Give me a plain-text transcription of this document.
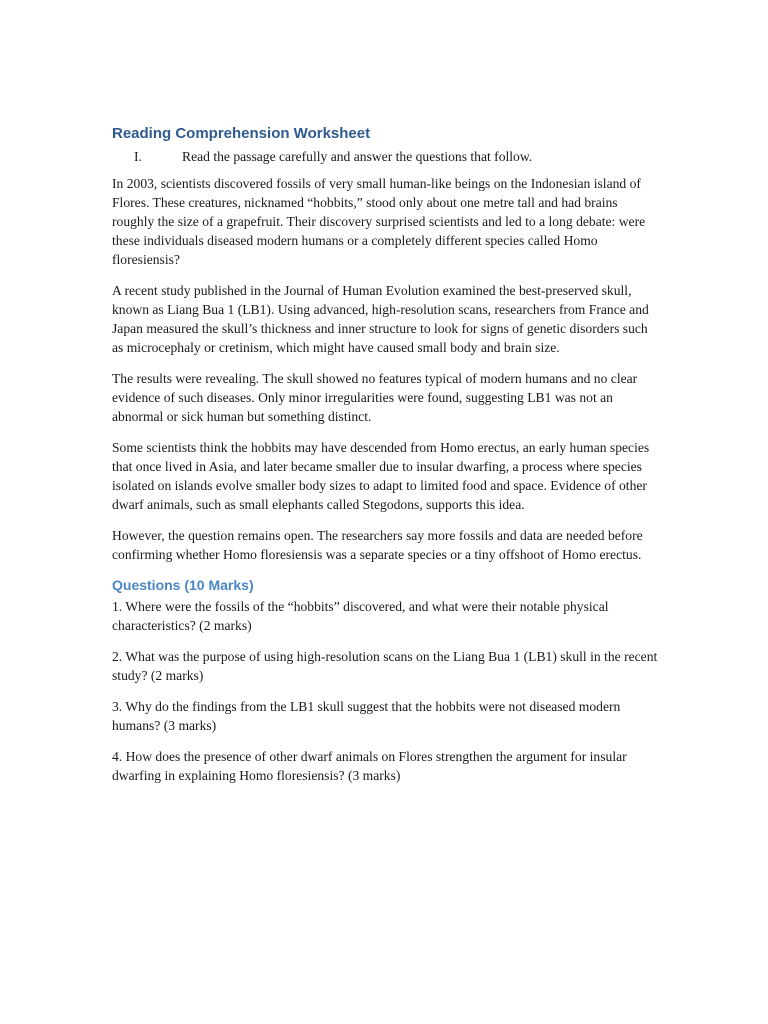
Reading Comprehension Worksheet
I.	Read the passage carefully and answer the questions that follow.

In 2003, scientists discovered fossils of very small human-like beings on the Indonesian island of Flores. These creatures, nicknamed “hobbits,” stood only about one metre tall and had brains roughly the size of a grapefruit. Their discovery surprised scientists and led to a long debate: were these individuals diseased modern humans or a completely different species called Homo floresiensis?

A recent study published in the Journal of Human Evolution examined the best-preserved skull, known as Liang Bua 1 (LB1). Using advanced, high-resolution scans, researchers from France and Japan measured the skull’s thickness and inner structure to look for signs of genetic disorders such as microcephaly or cretinism, which might have caused small body and brain size.

The results were revealing. The skull showed no features typical of modern humans and no clear evidence of such diseases. Only minor irregularities were found, suggesting LB1 was not an abnormal or sick human but something distinct.

Some scientists think the hobbits may have descended from Homo erectus, an early human species that once lived in Asia, and later became smaller due to insular dwarfing, a process where species isolated on islands evolve smaller body sizes to adapt to limited food and space. Evidence of other dwarf animals, such as small elephants called Stegodons, supports this idea.

However, the question remains open. The researchers say more fossils and data are needed before confirming whether Homo floresiensis was a separate species or a tiny offshoot of Homo erectus.

Questions (10 Marks)

1. Where were the fossils of the “hobbits” discovered, and what were their notable physical characteristics? (2 marks)

2. What was the purpose of using high-resolution scans on the Liang Bua 1 (LB1) skull in the recent study? (2 marks)

3. Why do the findings from the LB1 skull suggest that the hobbits were not diseased modern humans? (3 marks)

4. How does the presence of other dwarf animals on Flores strengthen the argument for insular dwarfing in explaining Homo floresiensis? (3 marks)
